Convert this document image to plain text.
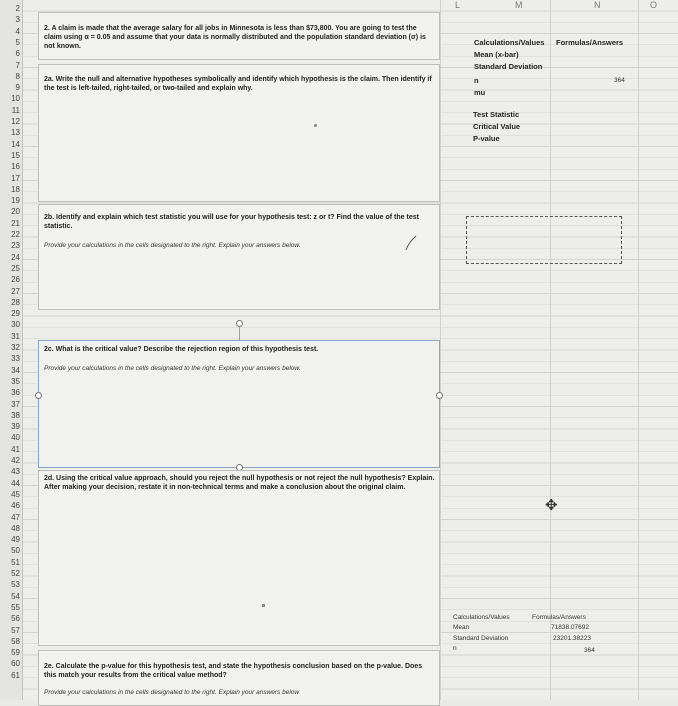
L	M	N	O
2
3
4
5
6
7
8
9
10
11
12
13
14
15
16
17
18
19
20
21
22
23
24
25
26
27
28
29
30
31
32
33
34
35
36
37
38
39
40
41
42
43
44
45
46
47
48
49
50
51
52
53
54
55
56
57
58
59
60
61
2. A claim is made that the average salary for all jobs in Minnesota is less than $73,800. You are going to test the claim using α = 0.05 and assume that your data is normally distributed and the population standard deviation (σ) is not known.
2a. Write the null and alternative hypotheses symbolically and identify which hypothesis is the claim. Then identify if the test is left-tailed, right-tailed, or two-tailed and explain why.
2b. Identify and explain which test statistic you will use for your hypothesis test: z or t? Find the value of the test statistic.
Provide your calculations in the cells designated to the right. Explain your answers below.
2c. What is the critical value? Describe the rejection region of this hypothesis test.
Provide your calculations in the cells designated to the right. Explain your answers below.
2d. Using the critical value approach, should you reject the null hypothesis or not reject the null hypothesis? Explain. After making your decision, restate it in non-technical terms and make a conclusion about the original claim.
2e. Calculate the p-value for this hypothesis test, and state the hypothesis conclusion based on the p-value. Does this match your results from the critical value method?
Provide your calculations in the cells designated to the right. Explain your answers below
Calculations/Values Formulas/Answers
Mean (x-bar)
Standard Deviation
n	364
mu
Test Statistic
Critical Value
P-value
✥
Calculations/Values	Formulas/Answers
Mean	71838.07692
Standard Deviation	23201.38223
n	364
